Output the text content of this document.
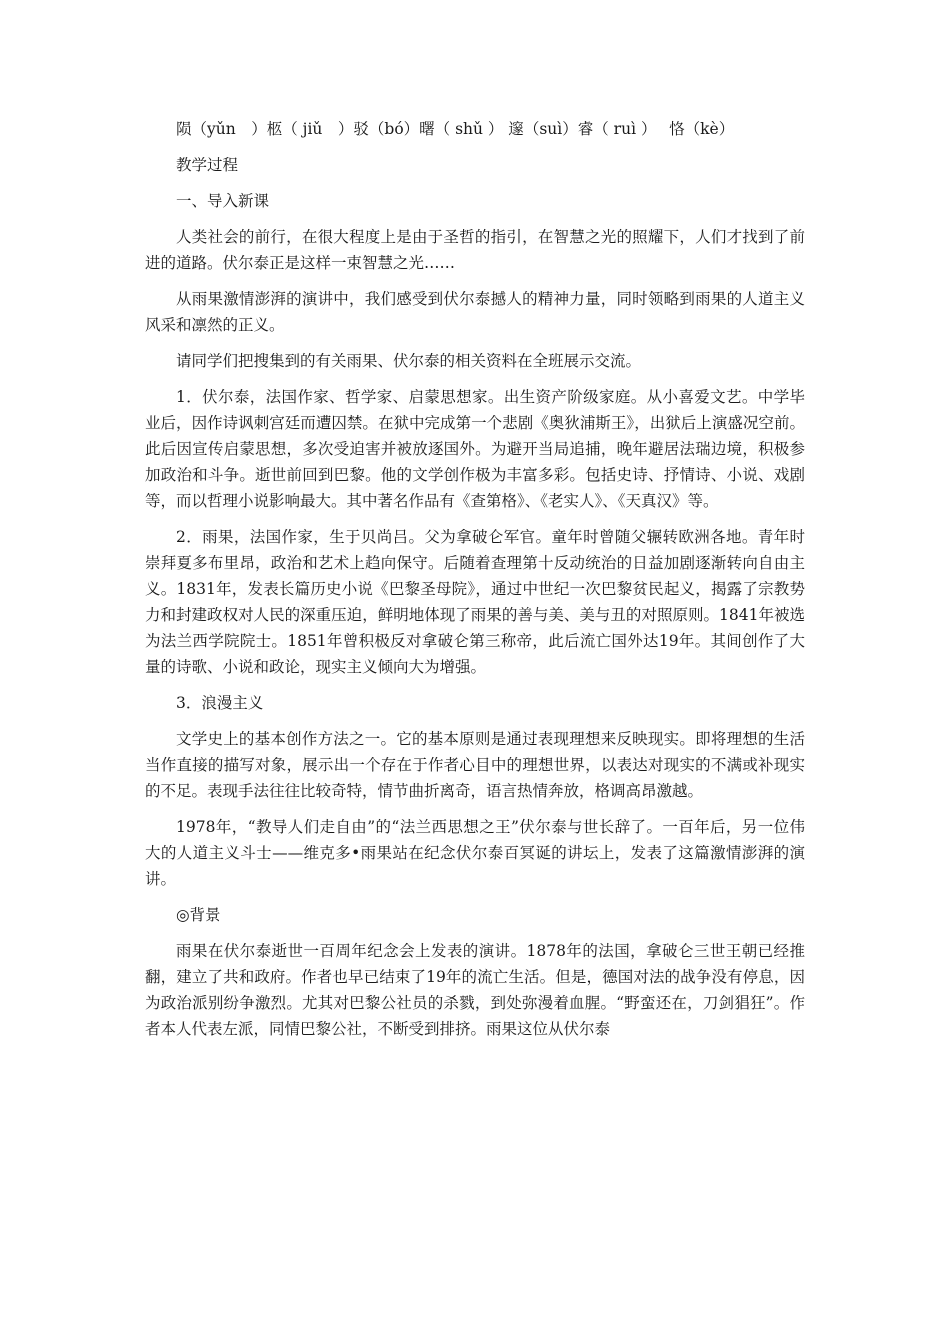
陨（yǔn　）柩（ jiǔ　）驳（bó）曙（ shǔ ） 邃（suì）睿（ ruì ）　 恪（kè）

教学过程

一、导入新课

人类社会的前行，在很大程度上是由于圣哲的指引，在智慧之光的照耀下，人们才找到了前进的道路。伏尔泰正是这样一束智慧之光……

从雨果激情澎湃的演讲中，我们感受到伏尔泰撼人的精神力量，同时领略到雨果的人道主义风采和凛然的正义。

请同学们把搜集到的有关雨果、伏尔泰的相关资料在全班展示交流。

1．伏尔泰，法国作家、哲学家、启蒙思想家。出生资产阶级家庭。从小喜爱文艺。中学毕业后，因作诗讽刺宫廷而遭囚禁。在狱中完成第一个悲剧《奥狄浦斯王》，出狱后上演盛况空前。此后因宣传启蒙思想，多次受迫害并被放逐国外。为避开当局追捕，晚年避居法瑞边境，积极参加政治和斗争。逝世前回到巴黎。他的文学创作极为丰富多彩。包括史诗、抒情诗、小说、戏剧等，而以哲理小说影响最大。其中著名作品有《查第格》、《老实人》、《天真汉》等。

2．雨果，法国作家，生于贝尚吕。父为拿破仑军官。童年时曾随父辗转欧洲各地。青年时崇拜夏多布里昂，政治和艺术上趋向保守。后随着查理第十反动统治的日益加剧逐渐转向自由主义。1831年，发表长篇历史小说《巴黎圣母院》，通过中世纪一次巴黎贫民起义，揭露了宗教势力和封建政权对人民的深重压迫，鲜明地体现了雨果的善与美、美与丑的对照原则。1841年被选为法兰西学院院士。1851年曾积极反对拿破仑第三称帝，此后流亡国外达19年。其间创作了大量的诗歌、小说和政论，现实主义倾向大为增强。

3．浪漫主义

文学史上的基本创作方法之一。它的基本原则是通过表现理想来反映现实。即将理想的生活当作直接的描写对象，展示出一个存在于作者心目中的理想世界，以表达对现实的不满或补现实的不足。表现手法往往比较奇特，情节曲折离奇，语言热情奔放，格调高昂激越。

1978年，“教导人们走自由”的“法兰西思想之王”伏尔泰与世长辞了。一百年后，另一位伟大的人道主义斗士——维克多•雨果站在纪念伏尔泰百冥诞的讲坛上，发表了这篇激情澎湃的演讲。

◎背景

雨果在伏尔泰逝世一百周年纪念会上发表的演讲。1878年的法国，拿破仑三世王朝已经推翻，建立了共和政府。作者也早已结束了19年的流亡生活。但是，德国对法的战争没有停息，因为政治派别纷争激烈。尤其对巴黎公社员的杀戮，到处弥漫着血腥。“野蛮还在，刀剑猖狂”。作者本人代表左派，同情巴黎公社，不断受到排挤。雨果这位从伏尔泰
